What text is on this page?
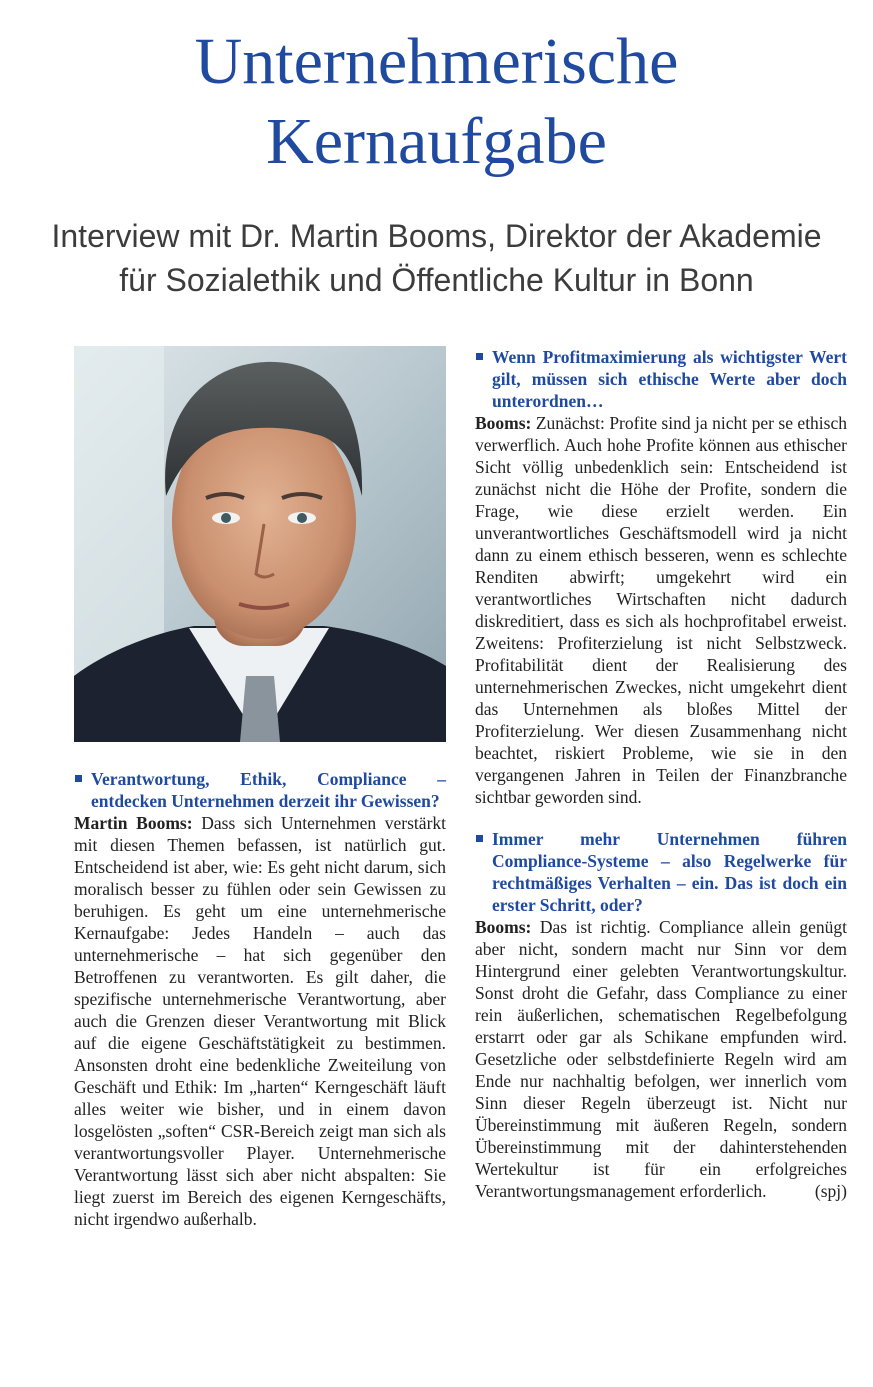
Unternehmerische
Kernaufgabe
Interview mit Dr. Martin Booms, Direktor der Akademie
für Sozialethik und Öffentliche Kultur in Bonn
Verantwortung, Ethik, Compliance – entdecken Unternehmen derzeit ihr Gewissen?
Martin Booms: Dass sich Unternehmen verstärkt mit diesen Themen befassen, ist natürlich gut. Entscheidend ist aber, wie: Es geht nicht darum, sich moralisch besser zu fühlen oder sein Gewissen zu beruhigen. Es geht um eine unternehmerische Kernaufgabe: Jedes Handeln – auch das unternehmerische – hat sich gegenüber den Betroffenen zu verantworten. Es gilt daher, die spezifische unternehmerische Verantwortung, aber auch die Grenzen dieser Verantwortung mit Blick auf die eigene Geschäftstätigkeit zu bestimmen. Ansonsten droht eine bedenkliche Zweiteilung von Geschäft und Ethik: Im „harten“ Kerngeschäft läuft alles weiter wie bisher, und in einem davon losgelösten „soften“ CSR-Bereich zeigt man sich als verantwortungsvoller Player. Unternehmerische Verantwortung lässt sich aber nicht abspalten: Sie liegt zuerst im Bereich des eigenen Kerngeschäfts, nicht irgendwo außerhalb.
Wenn Profitmaximierung als wichtigster Wert gilt, müssen sich ethische Werte aber doch unterordnen…
Booms: Zunächst: Profite sind ja nicht per se ethisch verwerflich. Auch hohe Profite können aus ethischer Sicht völlig unbedenklich sein: Entscheidend ist zunächst nicht die Höhe der Profite, sondern die Frage, wie diese erzielt werden. Ein unverantwortliches Geschäftsmodell wird ja nicht dann zu einem ethisch besseren, wenn es schlechte Renditen abwirft; umgekehrt wird ein verantwortliches Wirtschaften nicht dadurch diskreditiert, dass es sich als hochprofitabel erweist. Zweitens: Profiterzielung ist nicht Selbstzweck. Profitabilität dient der Realisierung des unternehmerischen Zweckes, nicht umgekehrt dient das Unternehmen als bloßes Mittel der Profiterzielung. Wer diesen Zusammenhang nicht beachtet, riskiert Probleme, wie sie in den vergangenen Jahren in Teilen der Finanzbranche sichtbar geworden sind.
Immer mehr Unternehmen führen Compliance-Systeme – also Regelwerke für rechtmäßiges Verhalten – ein. Das ist doch ein erster Schritt, oder?
Booms: Das ist richtig. Compliance allein genügt aber nicht, sondern macht nur Sinn vor dem Hintergrund einer gelebten Verantwortungskultur. Sonst droht die Gefahr, dass Compliance zu einer rein äußerlichen, schematischen Regelbefolgung erstarrt oder gar als Schikane empfunden wird. Gesetzliche oder selbstdefinierte Regeln wird am Ende nur nachhaltig befolgen, wer innerlich vom Sinn dieser Regeln überzeugt ist. Nicht nur Übereinstimmung mit äußeren Regeln, sondern Übereinstimmung mit der dahinterstehenden Wertekultur ist für ein erfolgreiches Verantwortungsmanagement erforderlich.	(spj)
